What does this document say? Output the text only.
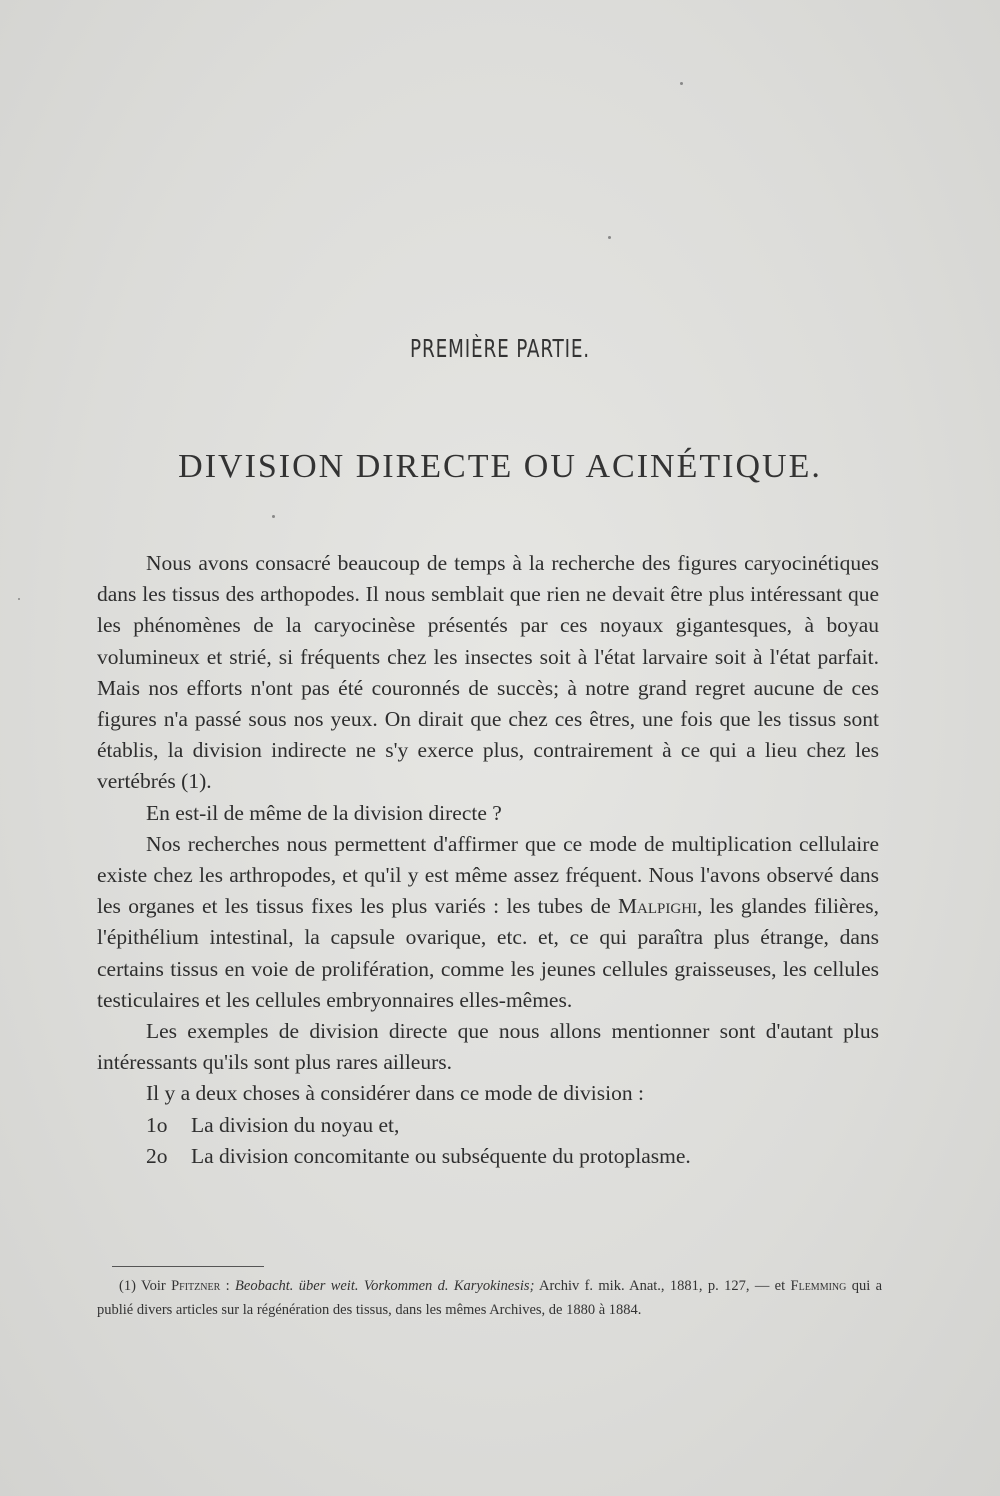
PREMIÈRE PARTIE.
DIVISION DIRECTE OU ACINÉTIQUE.

Nous avons consacré beaucoup de temps à la recherche des figures caryocinétiques dans les tissus des arthopodes. Il nous semblait que rien ne devait être plus intéressant que les phénomènes de la caryocinèse présentés par ces noyaux gigantesques, à boyau volumineux et strié, si fréquents chez les insectes soit à l'état larvaire soit à l'état parfait. Mais nos efforts n'ont pas été couronnés de succès; à notre grand regret aucune de ces figures n'a passé sous nos yeux. On dirait que chez ces êtres, une fois que les tissus sont établis, la division indirecte ne s'y exerce plus, contrairement à ce qui a lieu chez les vertébrés (1).

En est-il de même de la division directe ?

Nos recherches nous permettent d'affirmer que ce mode de multiplication cellulaire existe chez les arthropodes, et qu'il y est même assez fréquent. Nous l'avons observé dans les organes et les tissus fixes les plus variés : les tubes de Malpighi, les glandes filières, l'épithélium intestinal, la capsule ovarique, etc. et, ce qui paraîtra plus étrange, dans certains tissus en voie de prolifération, comme les jeunes cellules graisseuses, les cellules testiculaires et les cellules embryonnaires elles-mêmes.

Les exemples de division directe que nous allons mentionner sont d'autant plus intéressants qu'ils sont plus rares ailleurs.

Il y a deux choses à considérer dans ce mode de division :

1o	La division du noyau et,
2o	La division concomitante ou subséquente du protoplasme.

(1) Voir Pfitzner : Beobacht. über weit. Vorkommen d. Karyokinesis; Archiv f. mik. Anat., 1881, p. 127, — et Flemming qui a publié divers articles sur la régénération des tissus, dans les mêmes Archives, de 1880 à 1884.
